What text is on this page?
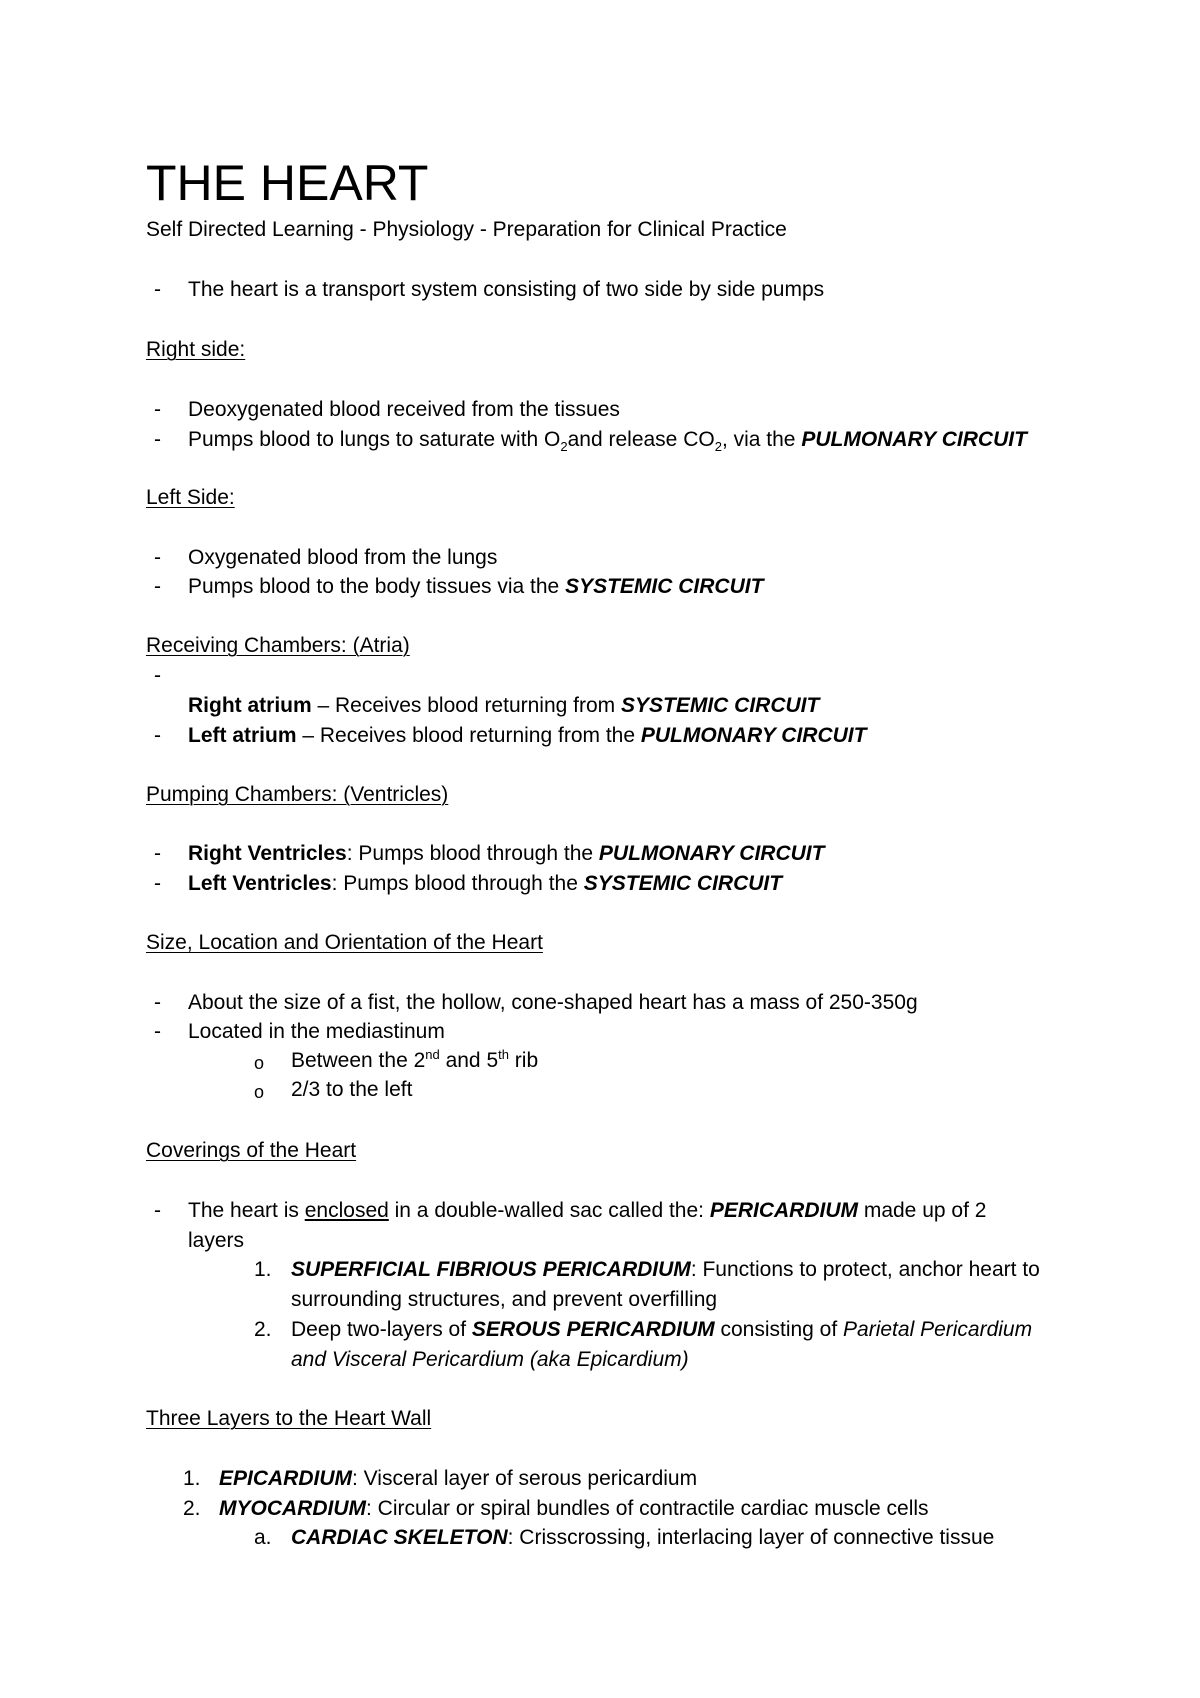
THE HEART
Self Directed Learning - Physiology - Preparation for Clinical Practice
- The heart is a transport system consisting of two side by side pumps
Right side:
- Deoxygenated blood received from the tissues
- Pumps blood to lungs to saturate with $O_2and$ release $CO_2$, via the PULMONARY CIRCUIT
Left Side:
- Oxygenated blood from the lungs
- Pumps blood to the body tissues via the SYSTEMIC CIRCUIT
Receiving Chambers: (Atria)
-
Right atrium – Receives blood returning from SYSTEMIC CIRCUIT
- Left atrium – Receives blood returning from the PULMONARY CIRCUIT
Pumping Chambers: (Ventricles)
- Right Ventricles: Pumps blood through the PULMONARY CIRCUIT
- Left Ventricles: Pumps blood through the SYSTEMIC CIRCUIT
Size, Location and Orientation of the Heart
- About the size of a fist, the hollow, cone-shaped heart has a mass of 250-350g
- Located in the mediastinum
o Between the 2nd and 5th rib
o 2/3 to the left
Coverings of the Heart
- The heart is enclosed in a double-walled sac called the: PERICARDIUM made up of 2
layers
1. SUPERFICIAL FIBRIOUS PERICARDIUM: Functions to protect, anchor heart to
surrounding structures, and prevent overfilling
2. Deep two-layers of SEROUS PERICARDIUM consisting of Parietal Pericardium
and Visceral Pericardium (aka Epicardium)
Three Layers to the Heart Wall
1. EPICARDIUM: Visceral layer of serous pericardium
2. MYOCARDIUM: Circular or spiral bundles of contractile cardiac muscle cells
a. CARDIAC SKELETON: Crisscrossing, interlacing layer of connective tissue
